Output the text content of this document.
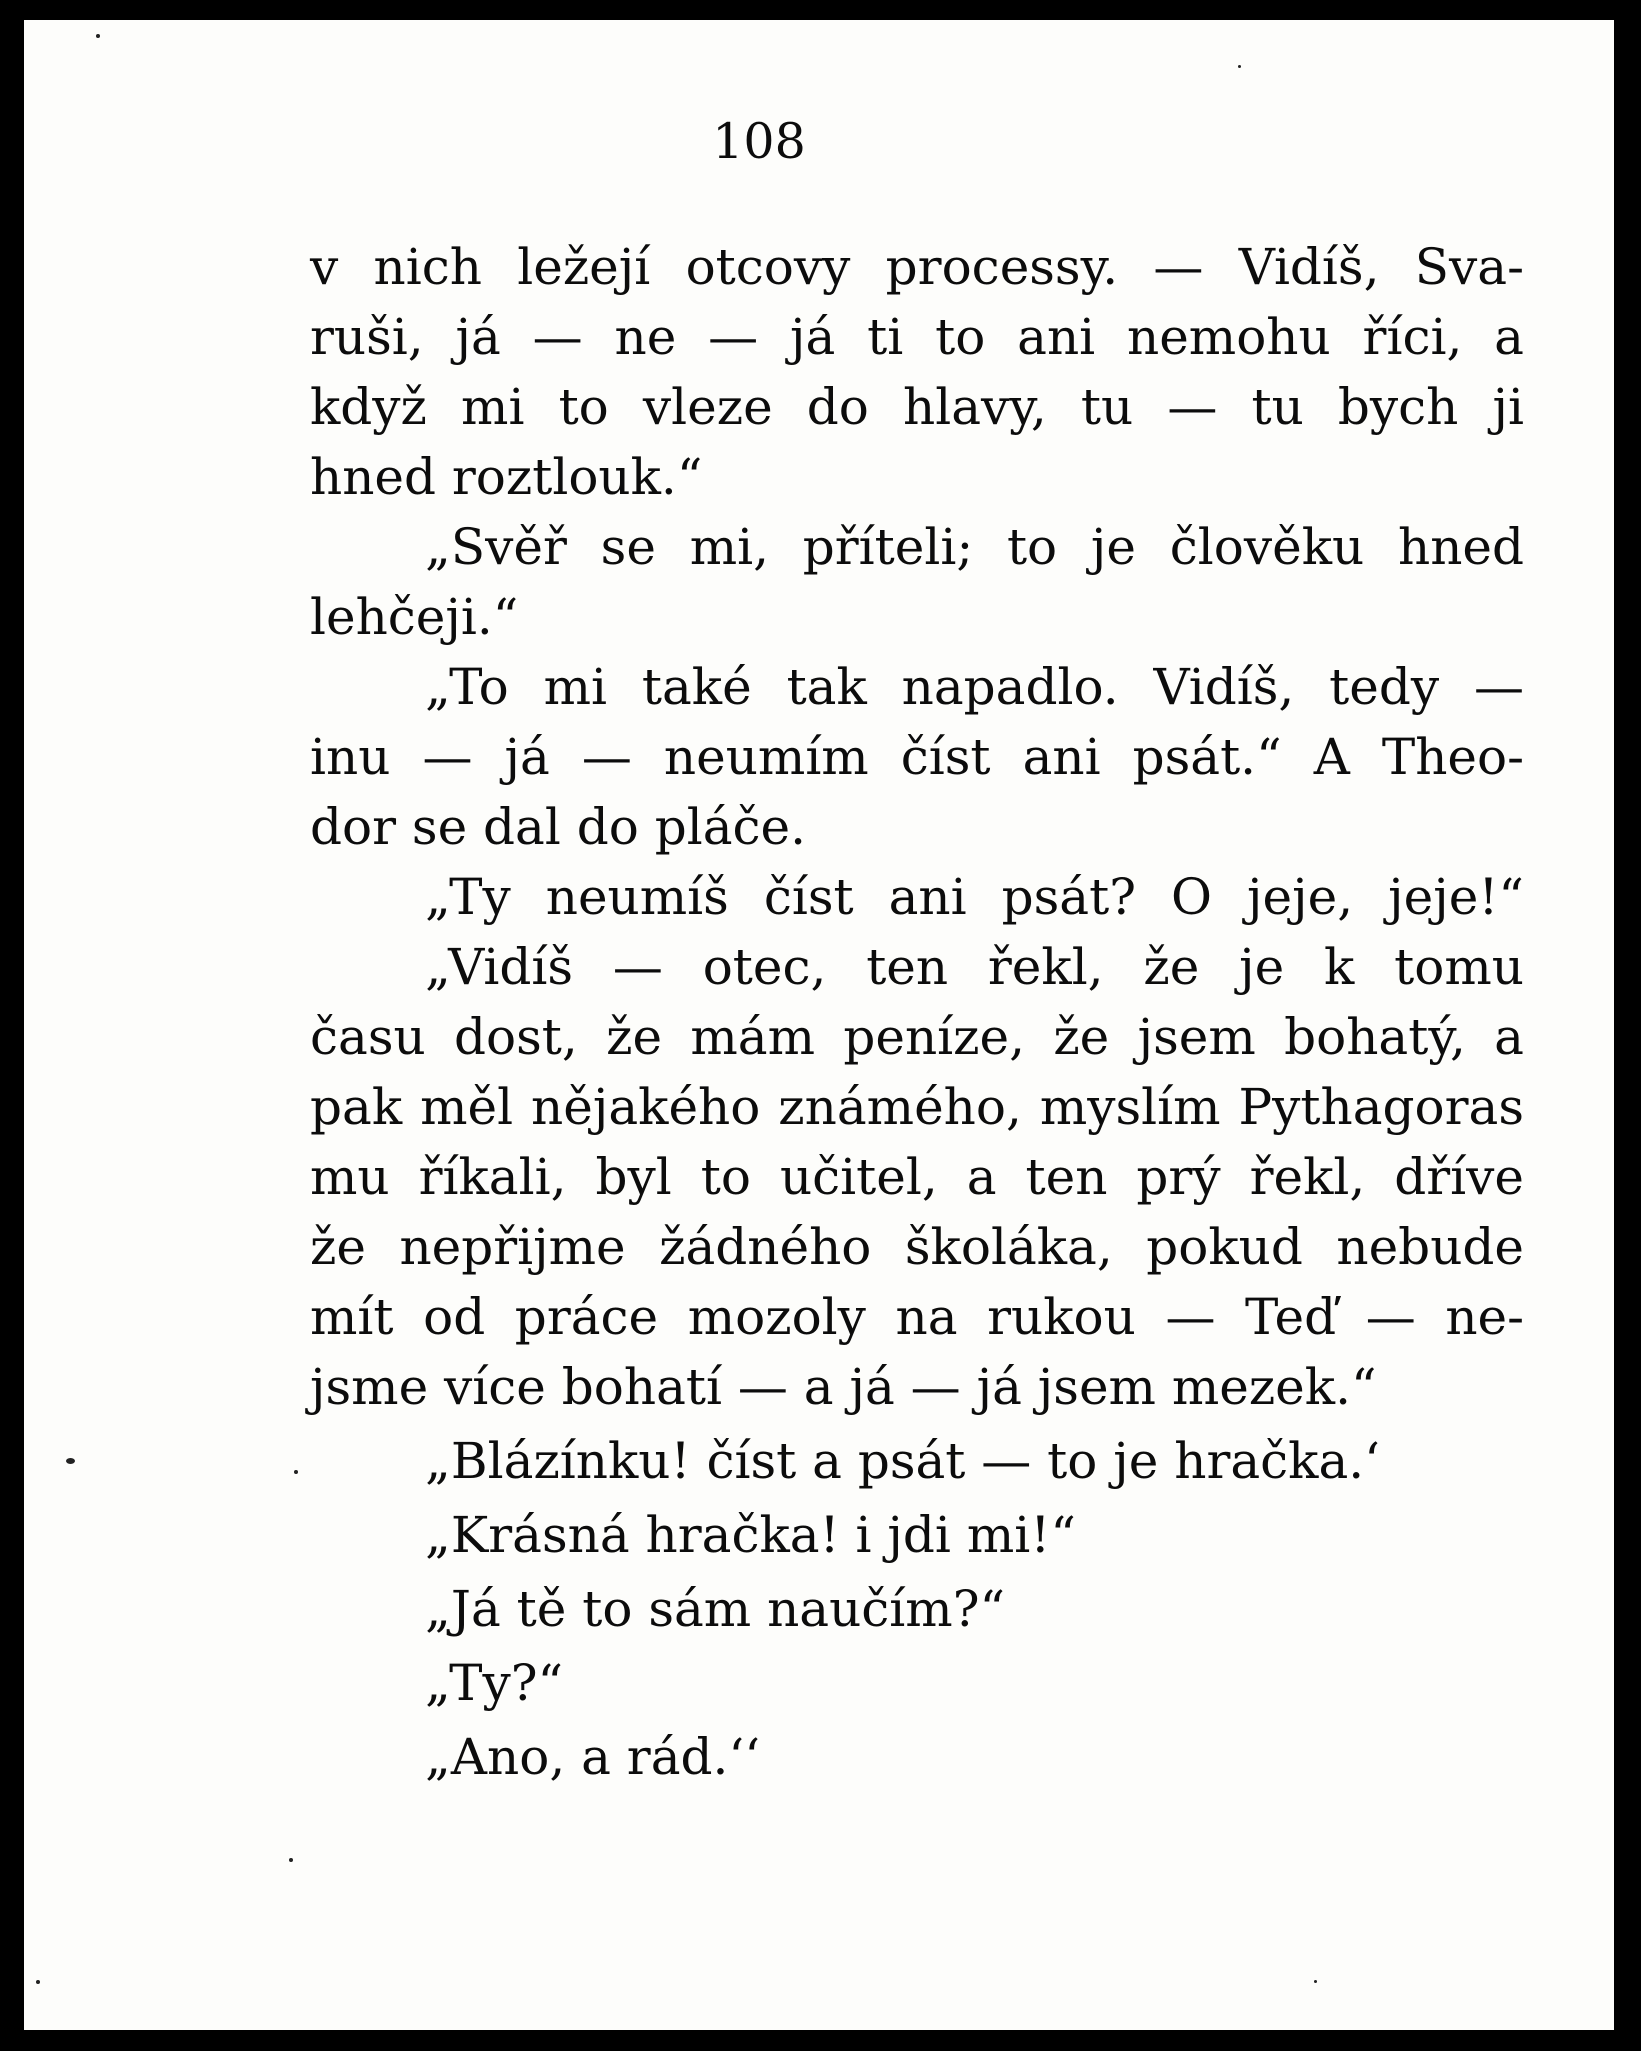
108
v nich ležejí otcovy processy. — Vidíš, Sva-
ruši, já — ne — já ti to ani nemohu říci, a
když mi to vleze do hlavy, tu — tu bych ji
hned roztlouk.“
„Svěř se mi, příteli; to je člověku hned
lehčeji.“
„To mi také tak napadlo. Vidíš, tedy —
inu — já — neumím číst ani psát.“ A Theo-
dor se dal do pláče.
„Ty neumíš číst ani psát? O jeje, jeje!“
„Vidíš — otec, ten řekl, že je k tomu
času dost, že mám peníze, že jsem bohatý, a
pak měl nějakého známého, myslím Pythagoras
mu říkali, byl to učitel, a ten prý řekl, dříve
že nepřijme žádného školáka, pokud nebude
mít od práce mozoly na rukou — Teď — ne-
jsme více bohatí — a já — já jsem mezek.“
„Blázínku! číst a psát — to je hračka.‘
„Krásná hračka! i jdi mi!“
„Já tě to sám naučím?“
„Ty?“
„Ano, a rád.‘‘
